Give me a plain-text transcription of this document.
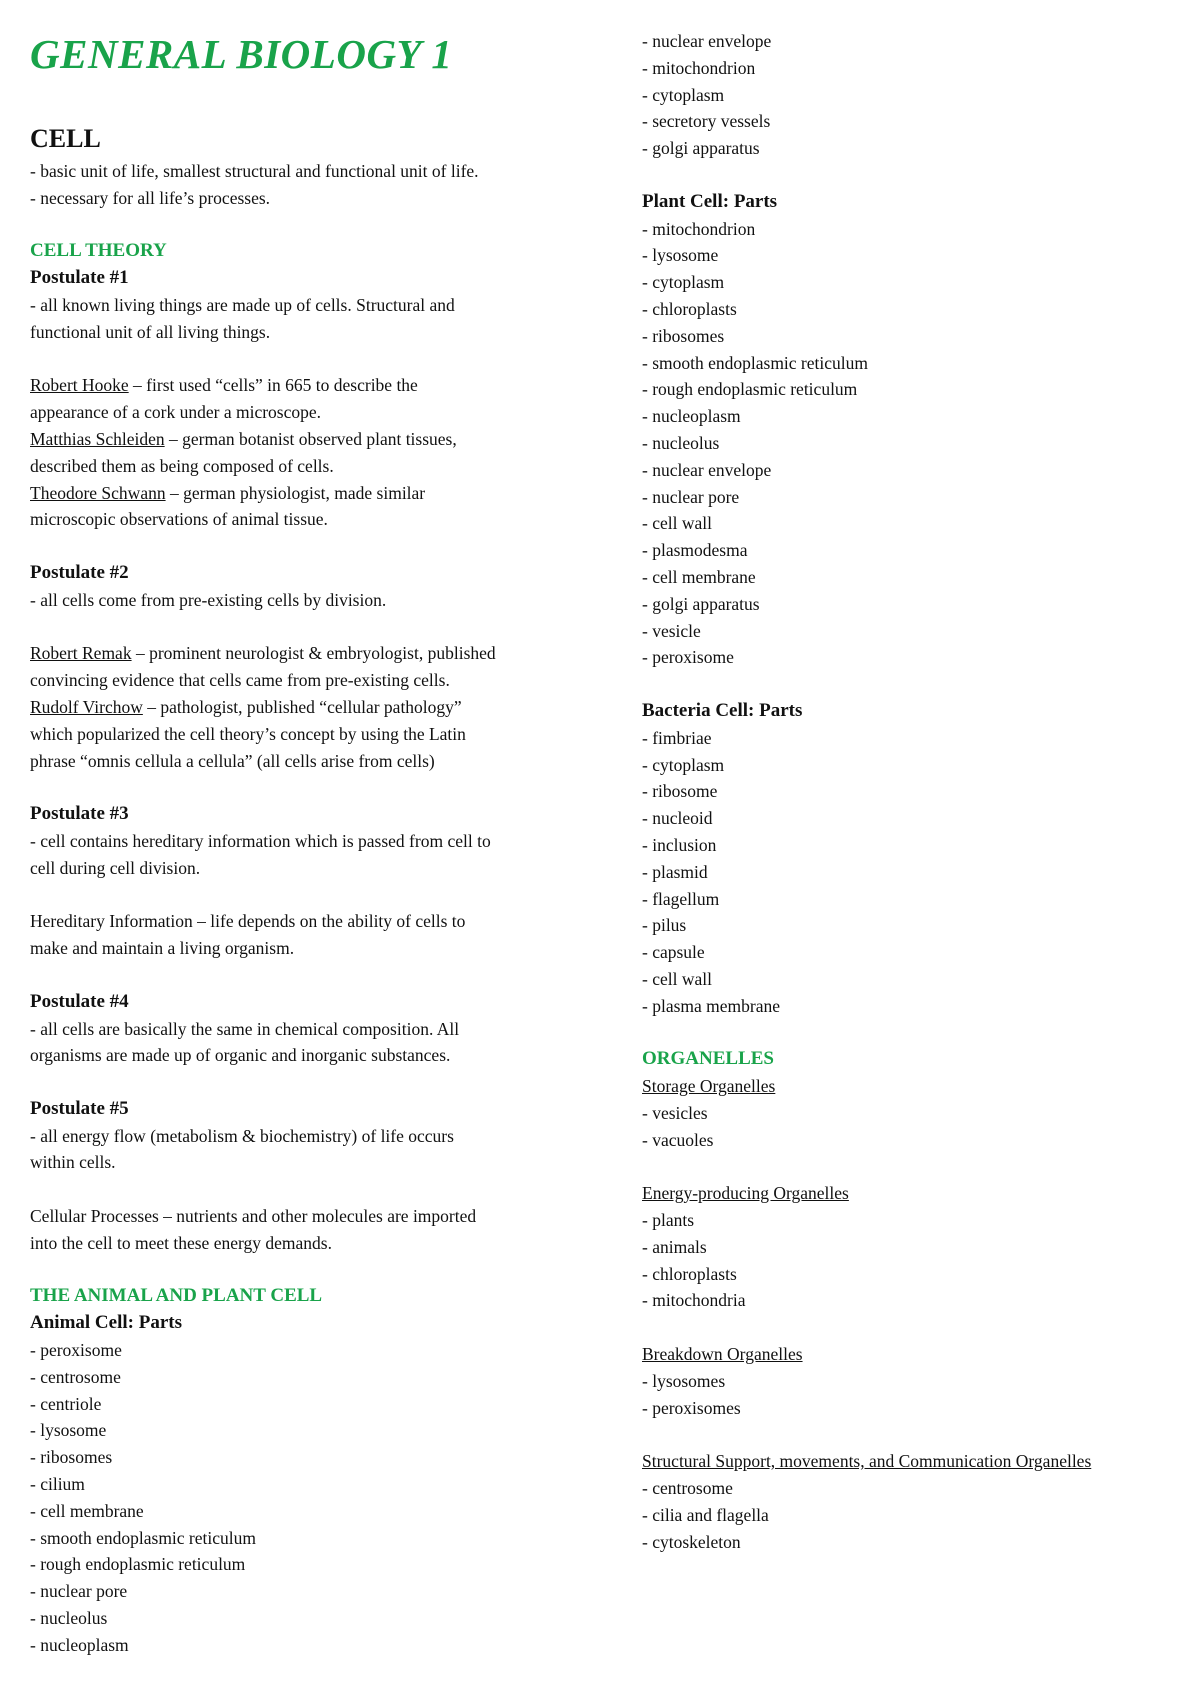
GENERAL BIOLOGY 1
CELL
- basic unit of life, smallest structural and functional unit of life.
- necessary for all life’s processes.
CELL THEORY
Postulate #1
- all known living things are made up of cells. Structural and
functional unit of all living things.
Robert Hooke – first used “cells” in 665 to describe the
appearance of a cork under a microscope.
Matthias Schleiden – german botanist observed plant tissues,
described them as being composed of cells.
Theodore Schwann – german physiologist, made similar
microscopic observations of animal tissue.
Postulate #2
- all cells come from pre-existing cells by division.
Robert Remak – prominent neurologist & embryologist, published
convincing evidence that cells came from pre-existing cells.
Rudolf Virchow – pathologist, published “cellular pathology”
which popularized the cell theory’s concept by using the Latin
phrase “omnis cellula a cellula” (all cells arise from cells)
Postulate #3
- cell contains hereditary information which is passed from cell to
cell during cell division.
Hereditary Information – life depends on the ability of cells to
make and maintain a living organism.
Postulate #4
- all cells are basically the same in chemical composition. All
organisms are made up of organic and inorganic substances.
Postulate #5
- all energy flow (metabolism & biochemistry) of life occurs
within cells.
Cellular Processes – nutrients and other molecules are imported
into the cell to meet these energy demands.
THE ANIMAL AND PLANT CELL
Animal Cell: Parts
- peroxisome
- centrosome
- centriole
- lysosome
- ribosomes
- cilium
- cell membrane
- smooth endoplasmic reticulum
- rough endoplasmic reticulum
- nuclear pore
- nucleolus
- nucleoplasm
- nuclear envelope
- mitochondrion
- cytoplasm
- secretory vessels
- golgi apparatus
Plant Cell: Parts
- mitochondrion
- lysosome
- cytoplasm
- chloroplasts
- ribosomes
- smooth endoplasmic reticulum
- rough endoplasmic reticulum
- nucleoplasm
- nucleolus
- nuclear envelope
- nuclear pore
- cell wall
- plasmodesma
- cell membrane
- golgi apparatus
- vesicle
- peroxisome
Bacteria Cell: Parts
- fimbriae
- cytoplasm
- ribosome
- nucleoid
- inclusion
- plasmid
- flagellum
- pilus
- capsule
- cell wall
- plasma membrane
ORGANELLES
Storage Organelles
- vesicles
- vacuoles
Energy-producing Organelles
- plants
- animals
- chloroplasts
- mitochondria
Breakdown Organelles
- lysosomes
- peroxisomes
Structural Support, movements, and Communication Organelles
- centrosome
- cilia and flagella
- cytoskeleton
